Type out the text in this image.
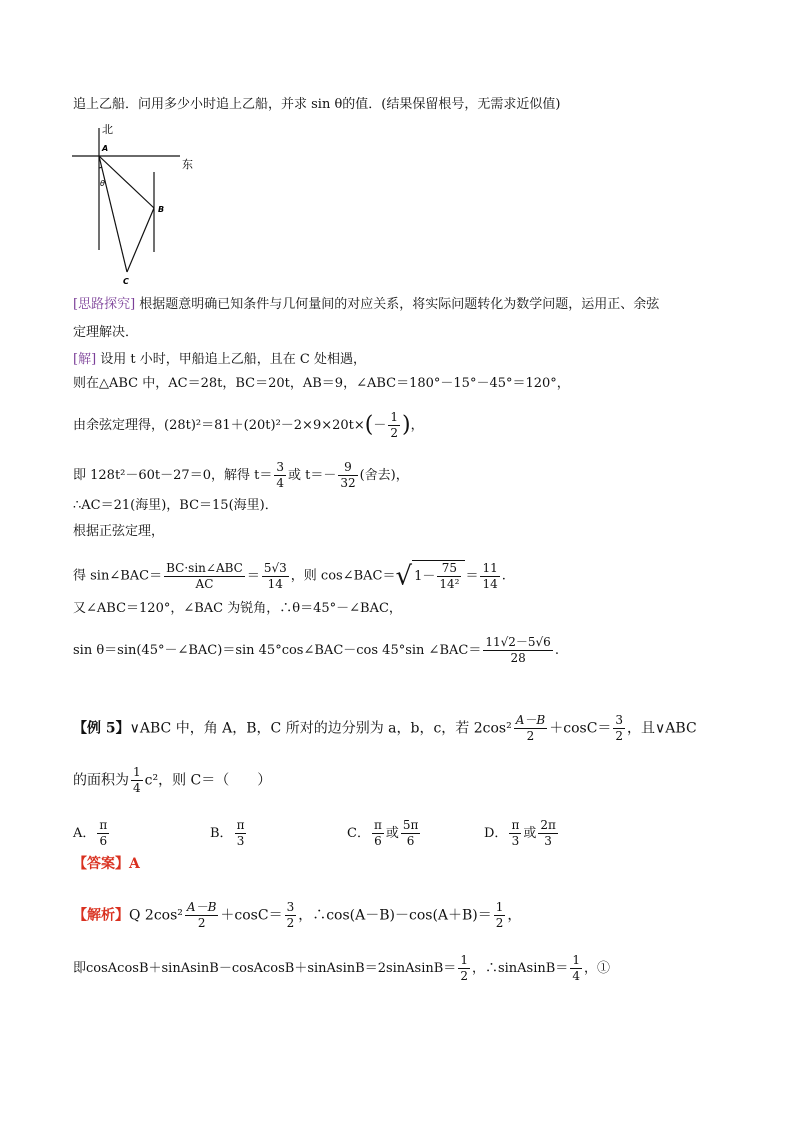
追上乙船．问用多少小时追上乙船，并求 sin θ的值．(结果保留根号，无需求近似值)
北
东
A
B
C
θ
[思路探究] 根据题意明确已知条件与几何量间的对应关系，将实际问题转化为数学问题，运用正、余弦
定理解决．
[解] 设用 t 小时，甲船追上乙船，且在 C 处相遇，
则在△ABC 中，AC＝28t，BC＝20t，AB＝9，∠ABC＝180°－15°－45°＝120°，
由余弦定理得，$(28t)^2=81+(20t)^2-2\times 9\times 20t\times(- \frac{1}{2}$ )，
即 128t²－60t－27＝0，解得 $t= \frac{3}{4}$ 或 $t=- \frac{9}{32}$ (舍去)，
∴AC＝21(海里)，BC＝15(海里)．
根据正弦定理，
得 sin∠BAC＝ $\frac{\text{BC·sin∠ABC}}{AC} = \frac{5√3}{14}$ ，则 cos∠BAC＝√ $1- \frac{75}{\text{14²}} = \frac{11}{14}$ .
又∠ABC＝120°，∠BAC 为锐角，∴θ＝45°－∠BAC，
sin θ＝sin(45°－∠BAC)＝sin 45°cos∠BAC－cos 45°sin ∠BAC＝ $\frac{11√2-5√6}{28}$ .
【例 5】∨ABC 中，角 A，B，C 所对的边分别为 a，b，c，若 $2\cos^2 \frac{A-B}{2} +\cos C= \frac{3}{2}$ ，且∨ABC
的面积为 $\frac{1}{4} c^2$，则 C＝（　　）
A． $\frac{\pi}{6}$	B． $\frac{\pi}{3}$	C． $\frac{\pi}{6}$ 或 $\frac{5\pi}{6}$	D． $\frac{\pi}{3}$ 或 $\frac{2\pi}{3}$
【答案】A
【解析】Q $2\cos^2 \frac{A-B}{2} +\cos C= \frac{3}{2}$ ，∴cos(A－B)－cos(A＋B)＝ $\frac{1}{2}$ ，
即cosAcosB＋sinAsinB－cosAcosB＋sinAsinB＝2sinAsinB＝ $\frac{1}{2}$ ，∴sinAsinB＝ $\frac{1}{4}$ ，①
